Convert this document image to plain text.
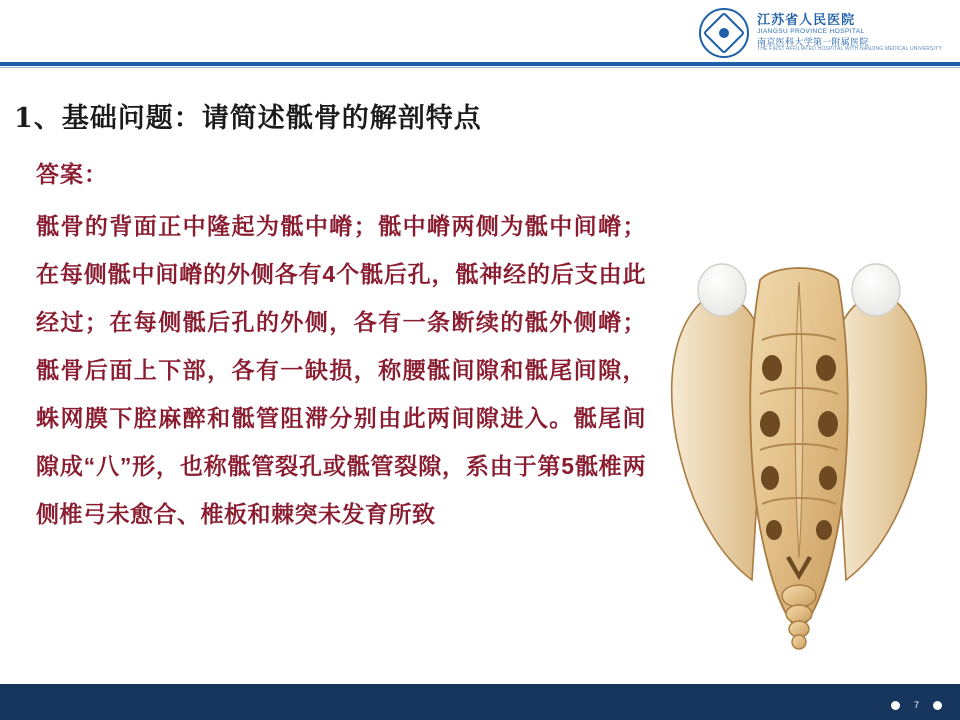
江苏省人民医院
JIANGSU PROVINCE HOSPITAL
南京医科大学第一附属医院
THE FIRST AFFILIATED HOSPITAL WITH NANJING MEDICAL UNIVERSITY
1、基础问题：请简述骶骨的解剖特点
答案：
骶骨的背面正中隆起为骶中嵴；骶中嵴两侧为骶中间嵴；在每侧骶中间嵴的外侧各有4个骶后孔，骶神经的后支由此经过；在每侧骶后孔的外侧，各有一条断续的骶外侧嵴；骶骨后面上下部，各有一缺损，称腰骶间隙和骶尾间隙，蛛网膜下腔麻醉和骶管阻滞分别由此两间隙进入。骶尾间隙成“八”形，也称骶管裂孔或骶管裂隙，系由于第5骶椎两侧椎弓未愈合、椎板和棘突未发育所致
7
